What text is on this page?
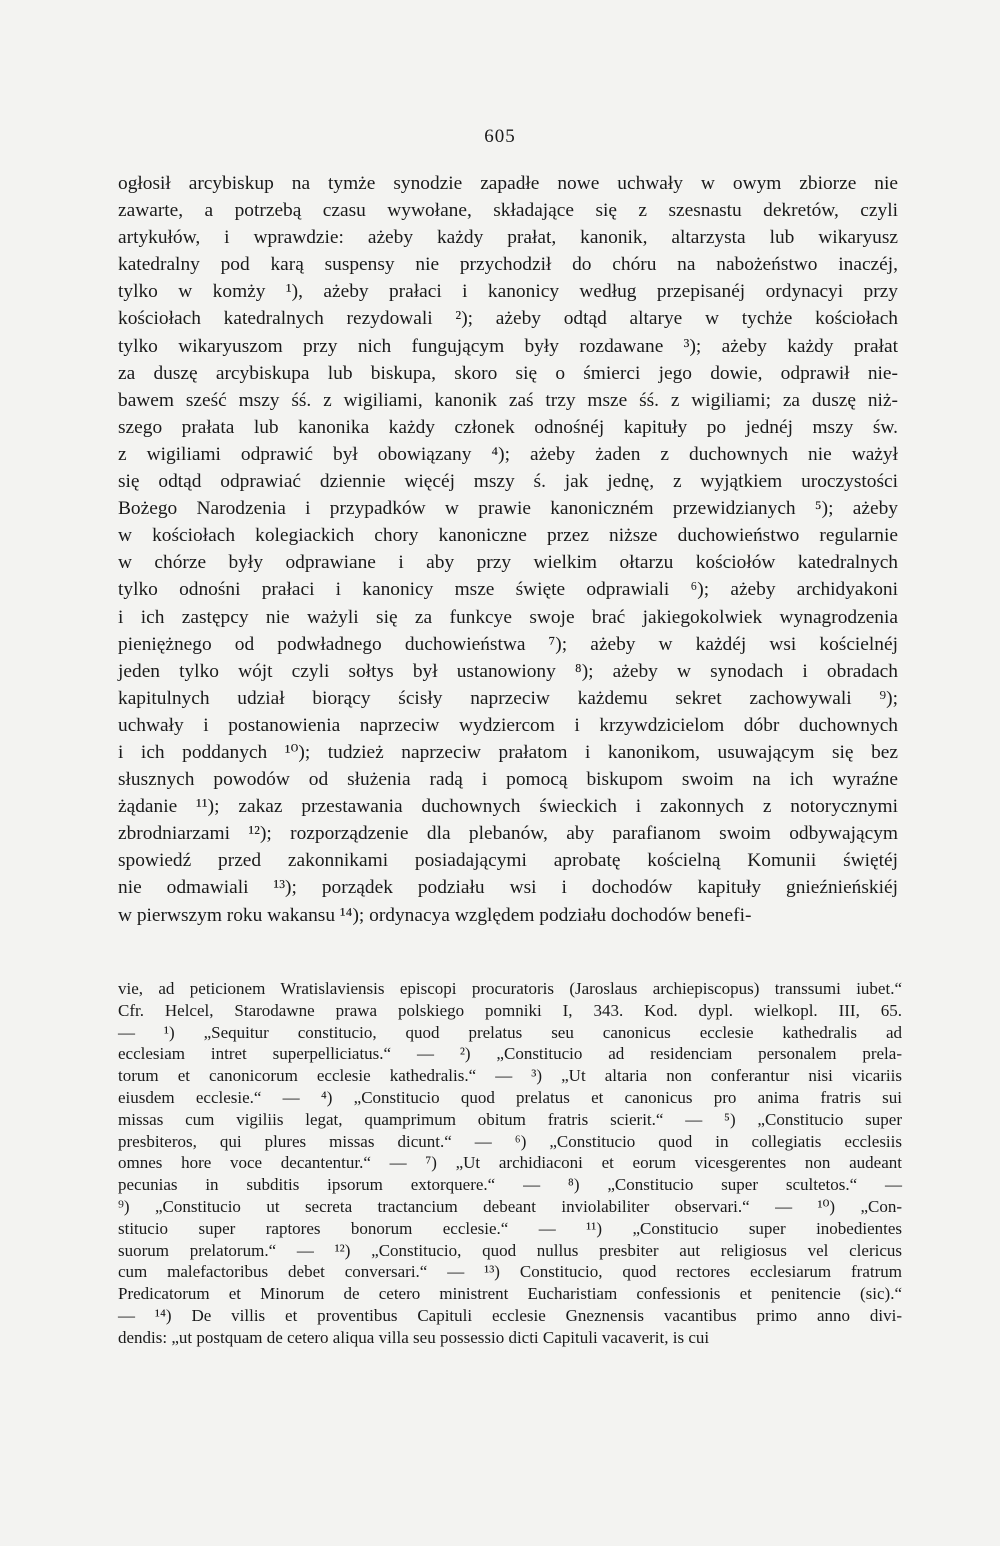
605
ogłosił arcybiskup na tymże synodzie zapadłe nowe uchwały w owym zbiorze nie
zawarte, a potrzebą czasu wywołane, składające się z szesnastu dekretów, czyli
artykułów, i wprawdzie: ażeby każdy prałat, kanonik, altarzysta lub wikaryusz
katedralny pod karą suspensy nie przychodził do chóru na nabożeństwo inaczéj,
tylko w komży ¹), ażeby prałaci i kanonicy według przepisanéj ordynacyi przy
kościołach katedralnych rezydowali ²); ażeby odtąd altarye w tychże kościołach
tylko wikaryuszom przy nich fungującym były rozdawane ³); ażeby każdy prałat
za duszę arcybiskupa lub biskupa, skoro się o śmierci jego dowie, odprawił nie-
bawem sześć mszy śś. z wigiliami, kanonik zaś trzy msze śś. z wigiliami; za duszę niż-
szego prałata lub kanonika każdy członek odnośnéj kapituły po jednéj mszy św.
z wigiliami odprawić był obowiązany ⁴); ażeby żaden z duchownych nie ważył
się odtąd odprawiać dziennie więcéj mszy ś. jak jednę, z wyjątkiem uroczystości
Bożego Narodzenia i przypadków w prawie kanoniczném przewidzianych ⁵); ażeby
w kościołach kolegiackich chory kanoniczne przez niższe duchowieństwo regularnie
w chórze były odprawiane i aby przy wielkim ołtarzu kościołów katedralnych
tylko odnośni prałaci i kanonicy msze święte odprawiali ⁶); ażeby archidyakoni
i ich zastępcy nie ważyli się za funkcye swoje brać jakiegokolwiek wynagrodzenia
pieniężnego od podwładnego duchowieństwa ⁷); ażeby w każdéj wsi kościelnéj
jeden tylko wójt czyli sołtys był ustanowiony ⁸); ażeby w synodach i obradach
kapitulnych udział biorący ścisły naprzeciw każdemu sekret zachowywali ⁹);
uchwały i postanowienia naprzeciw wydziercom i krzywdzicielom dóbr duchownych
i ich poddanych ¹⁰); tudzież naprzeciw prałatom i kanonikom, usuwającym się bez
słusznych powodów od służenia radą i pomocą biskupom swoim na ich wyraźne
żądanie ¹¹); zakaz przestawania duchownych świeckich i zakonnych z notorycznymi
zbrodniarzami ¹²); rozporządzenie dla plebanów, aby parafianom swoim odbywającym
spowiedź przed zakonnikami posiadającymi aprobatę kościelną Komunii świętéj
nie odmawiali ¹³); porządek podziału wsi i dochodów kapituły gnieźnieńskiéj
w pierwszym roku wakansu ¹⁴); ordynacya względem podziału dochodów benefi-
vie, ad peticionem Wratislaviensis episcopi procuratoris (Jaroslaus archiepiscopus) transsumi iubet.“
Cfr. Helcel, Starodawne prawa polskiego pomniki I, 343. Kod. dypl. wielkopl. III, 65.
— ¹) „Sequitur constitucio, quod prelatus seu canonicus ecclesie kathedralis ad
ecclesiam intret superpelliciatus.“ — ²) „Constitucio ad residenciam personalem prela-
torum et canonicorum ecclesie kathedralis.“ — ³) „Ut altaria non conferantur nisi vicariis
eiusdem ecclesie.“ — ⁴) „Constitucio quod prelatus et canonicus pro anima fratris sui
missas cum vigiliis legat, quamprimum obitum fratris scierit.“ — ⁵) „Constitucio super
presbiteros, qui plures missas dicunt.“ — ⁶) „Constitucio quod in collegiatis ecclesiis
omnes hore voce decantentur.“ — ⁷) „Ut archidiaconi et eorum vicesgerentes non audeant
pecunias in subditis ipsorum extorquere.“ — ⁸) „Constitucio super scultetos.“ —
⁹) „Constitucio ut secreta tractancium debeant inviolabiliter observari.“ — ¹⁰) „Con-
stitucio super raptores bonorum ecclesie.“ — ¹¹) „Constitucio super inobedientes
suorum prelatorum.“ — ¹²) „Constitucio, quod nullus presbiter aut religiosus vel clericus
cum malefactoribus debet conversari.“ — ¹³) Constitucio, quod rectores ecclesiarum fratrum
Predicatorum et Minorum de cetero ministrent Eucharistiam confessionis et penitencie (sic).“
— ¹⁴) De villis et proventibus Capituli ecclesie Gneznensis vacantibus primo anno divi-
dendis: „ut postquam de cetero aliqua villa seu possessio dicti Capituli vacaverit, is cui
